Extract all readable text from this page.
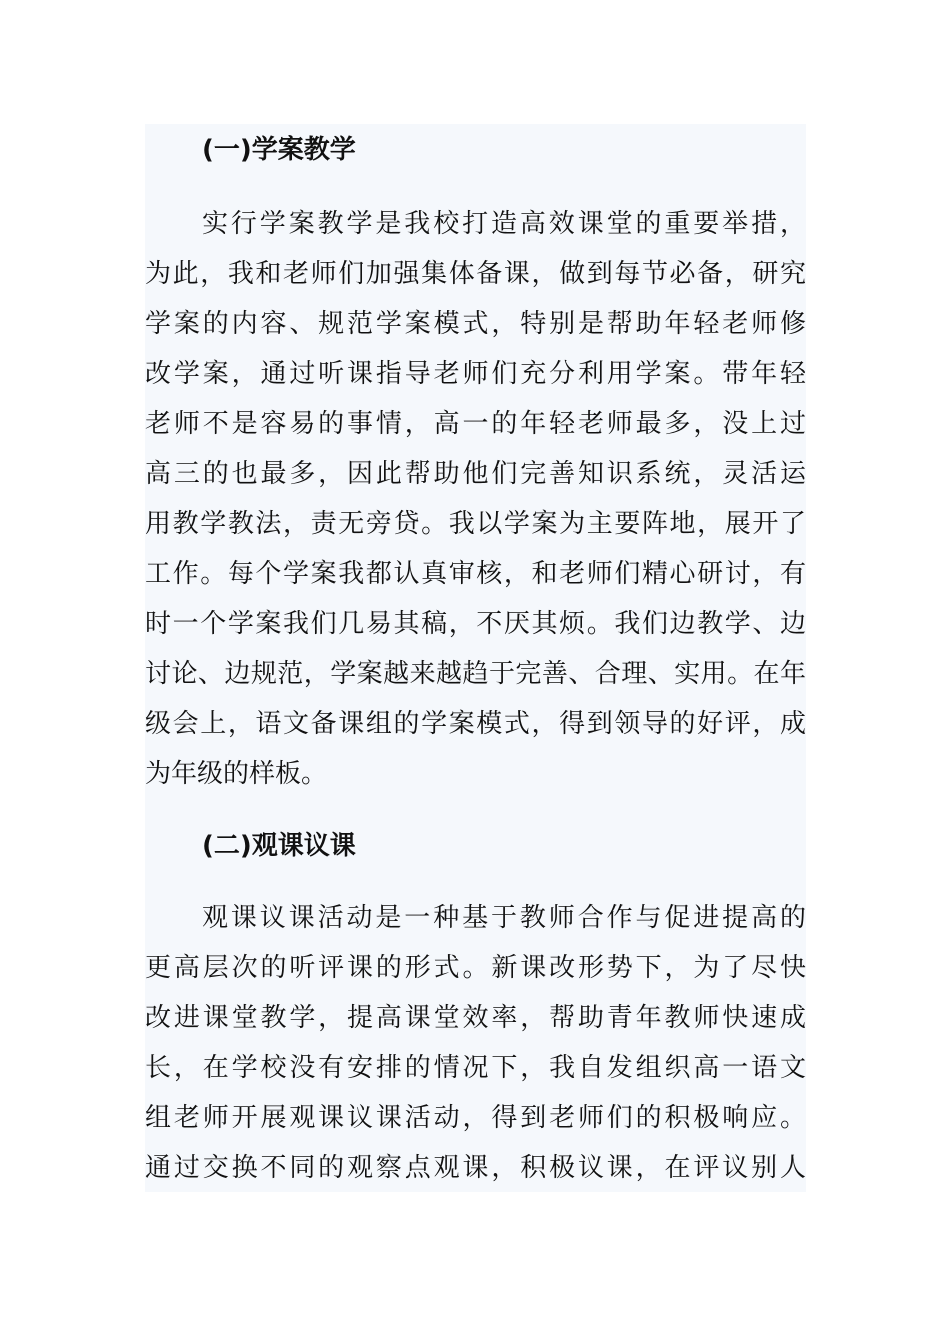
(一)学案教学
实行学案教学是我校打造高效课堂的重要举措，
为此，我和老师们加强集体备课，做到每节必备，研究
学案的内容、规范学案模式，特别是帮助年轻老师修
改学案，通过听课指导老师们充分利用学案。带年轻
老师不是容易的事情，高一的年轻老师最多，没上过
高三的也最多，因此帮助他们完善知识系统，灵活运
用教学教法，责无旁贷。我以学案为主要阵地，展开了
工作。每个学案我都认真审核，和老师们精心研讨，有
时一个学案我们几易其稿，不厌其烦。我们边教学、边
讨论、边规范，学案越来越趋于完善、合理、实用。在年
级会上，语文备课组的学案模式，得到领导的好评，成
为年级的样板。
(二)观课议课
观课议课活动是一种基于教师合作与促进提高的
更高层次的听评课的形式。新课改形势下，为了尽快
改进课堂教学，提高课堂效率，帮助青年教师快速成
长，在学校没有安排的情况下，我自发组织高一语文
组老师开展观课议课活动，得到老师们的积极响应。
通过交换不同的观察点观课，积极议课，在评议别人
